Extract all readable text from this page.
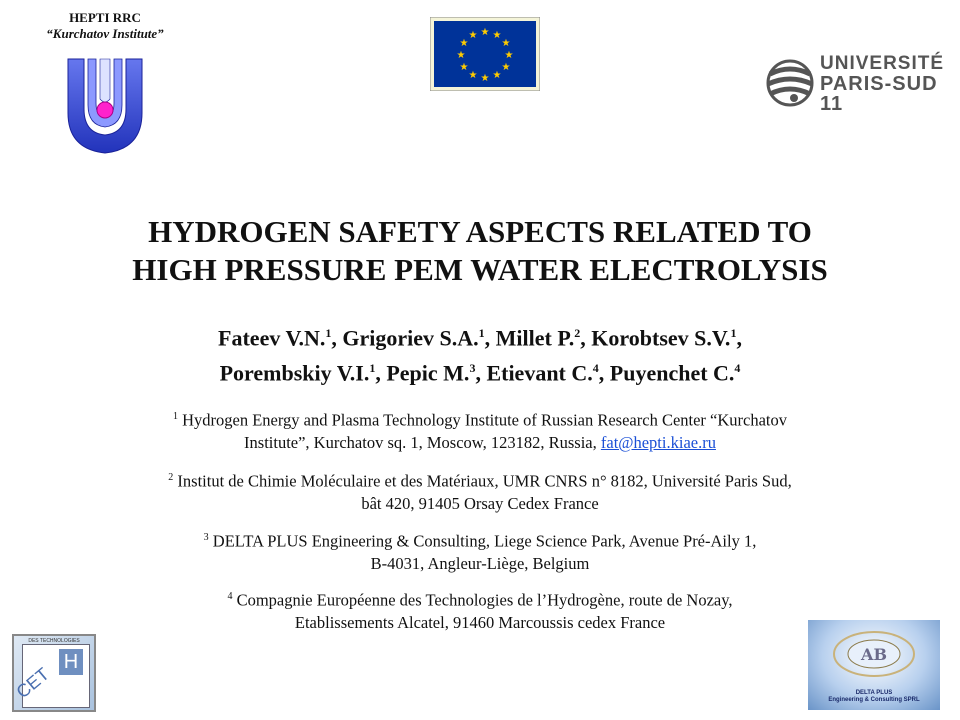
HEPTI RRC
“Kurchatov Institute”	★ ★
★
★
★
★
★
★
★
★
★
★
UNIVERSITÉ
PARIS-SUD 11
HYDROGEN SAFETY ASPECTS RELATED TO
HIGH PRESSURE PEM WATER ELECTROLYSIS
Fateev V.N.$^1$, Grigoriev S.A.$^1$, Millet P.$^2$, Korobtsev S.V.$^1$,
Porembskiy V.I.$^1$, Pepic M.$^3$, Etievant C.$^4$, Puyenchet C.$^4$
$^1$ Hydrogen Energy and Plasma Technology Institute of Russian Research Center “Kurchatov
Institute”, Kurchatov sq. 1, Moscow, 123182, Russia, fat@hepti.kiae.ru
$^2$ Institut de Chimie Moléculaire et des Matériaux, UMR CNRS n° 8182, Université Paris Sud,
bât 420, 91405 Orsay Cedex France
$^3$ DELTA PLUS Engineering & Consulting, Liege Science Park, Avenue Pré-Aily 1,
B-4031, Angleur-Liège, Belgium
$^4$ Compagnie Européenne des Technologies de l’Hydrogène, route de Nozay,
Etablissements Alcatel, 91460 Marcoussis cedex France
DES TECHNOLOGIES
H
CET
AB
DELTA PLUS
Engineering & Consulting SPRL
